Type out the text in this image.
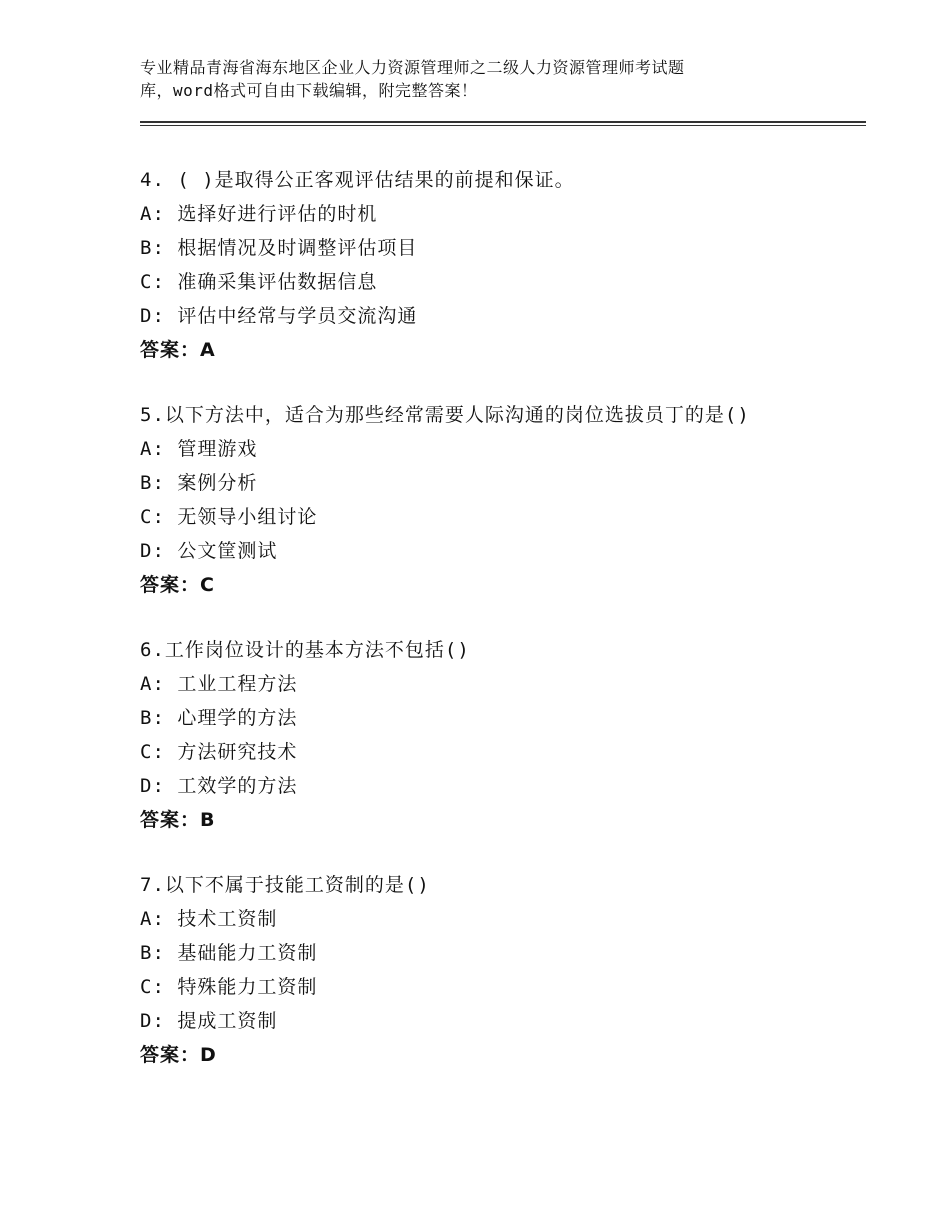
专业精品青海省海东地区企业人力资源管理师之二级人力资源管理师考试题
库，word格式可自由下载编辑，附完整答案！
4. ( )是取得公正客观评估结果的前提和保证。
A: 选择好进行评估的时机
B: 根据情况及时调整评估项目
C: 准确采集评估数据信息
D: 评估中经常与学员交流沟通
答案：A
5.以下方法中，适合为那些经常需要人际沟通的岗位选拔员丁的是()
A: 管理游戏
B: 案例分析
C: 无领导小组讨论
D: 公文筐测试
答案：C
6.工作岗位设计的基本方法不包括()
A: 工业工程方法
B: 心理学的方法
C: 方法研究技术
D: 工效学的方法
答案：B
7.以下不属于技能工资制的是()
A: 技术工资制
B: 基础能力工资制
C: 特殊能力工资制
D: 提成工资制
答案：D
